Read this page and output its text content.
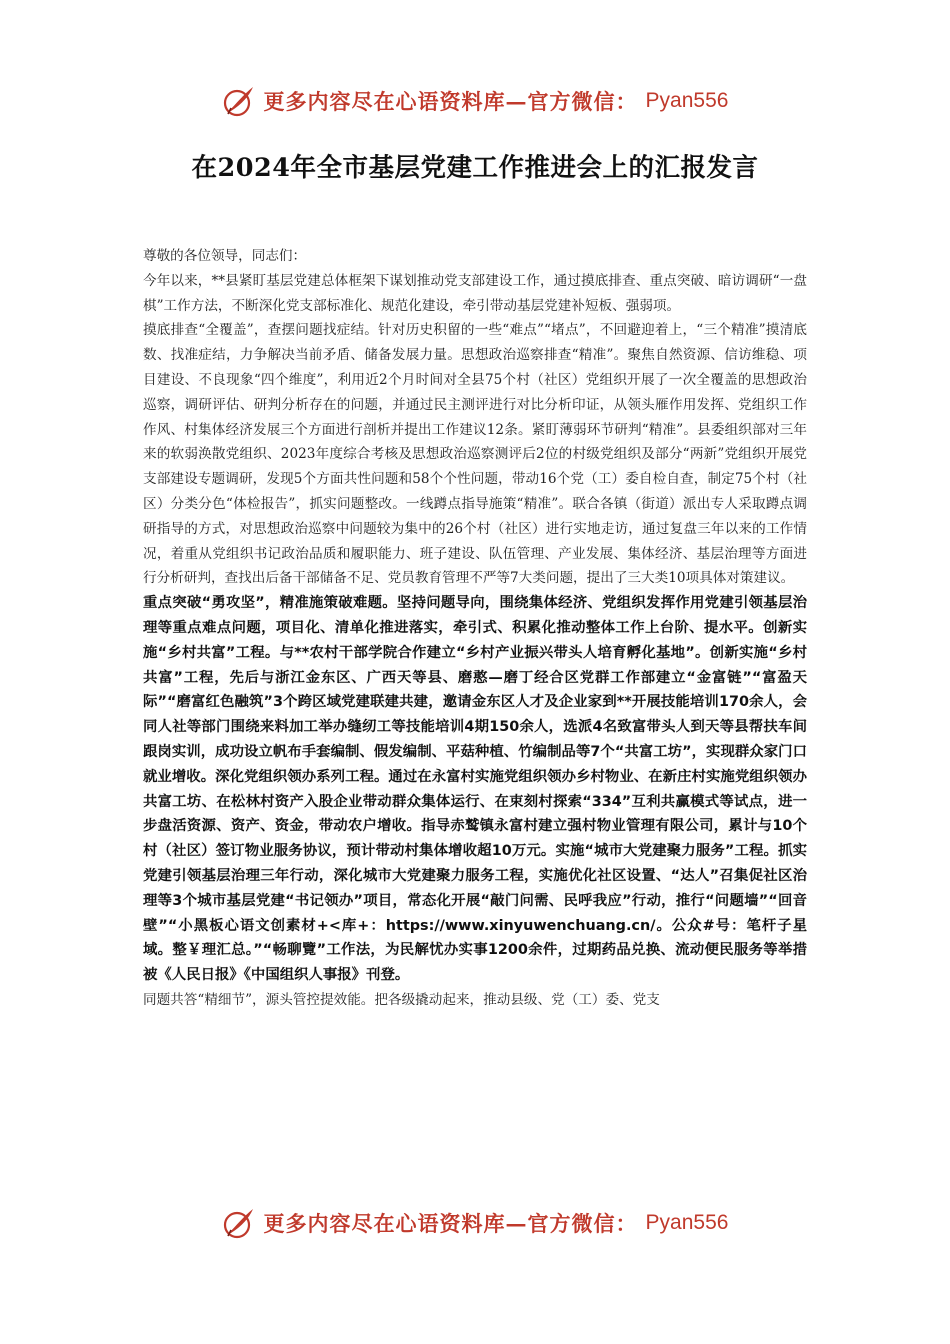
更多内容尽在心语资料库—官方微信： Pyan556
在2024年全市基层党建工作推进会上的汇报发言

尊敬的各位领导，同志们：

今年以来，**县紧盯基层党建总体框架下谋划推动党支部建设工作，通过摸底排查、重点突破、暗访调研“一盘棋”工作方法，不断深化党支部标准化、规范化建设，牵引带动基层党建补短板、强弱项。

摸底排查“全覆盖”，查摆问题找症结。针对历史积留的一些“难点”“堵点”，不回避迎着上，“三个精准”摸清底数、找准症结，力争解决当前矛盾、储备发展力量。思想政治巡察排查“精准”。聚焦自然资源、信访维稳、项目建设、不良现象“四个维度”，利用近2个月时间对全县75个村（社区）党组织开展了一次全覆盖的思想政治巡察，调研评估、研判分析存在的问题，并通过民主测评进行对比分析印证，从领头雁作用发挥、党组织工作作风、村集体经济发展三个方面进行剖析并提出工作建议12条。紧盯薄弱环节研判“精准”。县委组织部对三年来的软弱涣散党组织、2023年度综合考核及思想政治巡察测评后2位的村级党组织及部分“两新”党组织开展党支部建设专题调研，发现5个方面共性问题和58个个性问题，带动16个党（工）委自检自查，制定75个村（社区）分类分色“体检报告”，抓实问题整改。一线蹲点指导施策“精准”。联合各镇（街道）派出专人采取蹲点调研指导的方式，对思想政治巡察中问题较为集中的26个村（社区）进行实地走访，通过复盘三年以来的工作情况，着重从党组织书记政治品质和履职能力、班子建设、队伍管理、产业发展、集体经济、基层治理等方面进行分析研判，查找出后备干部储备不足、党员教育管理不严等7大类问题，提出了三大类10项具体对策建议。

重点突破“勇攻坚”，精准施策破难题。坚持问题导向，围绕集体经济、党组织发挥作用党建引领基层治理等重点难点问题，项目化、清单化推进落实，牵引式、积累化推动整体工作上台阶、提水平。创新实施“乡村共富”工程。与**农村干部学院合作建立“乡村产业振兴带头人培育孵化基地”。创新实施“乡村共富”工程，先后与浙江金东区、广西天等县、磨憨—磨丁经合区党群工作部建立“金富链”“富盈天际”“磨富红色融筑”3个跨区域党建联建共建，邀请金东区人才及企业家到**开展技能培训170余人，会同人社等部门围绕来料加工举办缝纫工等技能培训4期150余人，选派4名致富带头人到天等县帮扶车间跟岗实训，成功设立帆布手套编制、假发编制、平菇种植、竹编制品等7个“共富工坊”，实现群众家门口就业增收。深化党组织领办系列工程。通过在永富村实施党组织领办乡村物业、在新庄村实施党组织领办共富工坊、在松林村资产入股企业带动群众集体运行、在束刻村探索“334”互利共赢模式等试点，进一步盘活资源、资产、资金，带动农户增收。指导赤鹫镇永富村建立强村物业管理有限公司，累计与10个村（社区）签订物业服务协议，预计带动村集体增收超10万元。实施“城市大党建聚力服务”工程。抓实党建引领基层治理三年行动，深化城市大党建聚力服务工程，实施优化社区设置、“达人”召集促社区治理等3个城市基层党建“书记领办”项目，常态化开展“敲门问需、民呼我应”行动，推行“问题墙”“回音壁”“小黑板心语文创素材+<库+：https://www.xinyuwenchuang.cn/。公众#号：笔杆子星域。整￥理汇总。”“畅聊覽”工作法，为民解忧办实事1200余件，过期药品兑换、流动便民服务等举措被《人民日报》《中国组织人事报》刊登。

同题共答“精细节”，源头管控提效能。把各级撬动起来，推动县级、党（工）委、党支

更多内容尽在心语资料库—官方微信： Pyan556
